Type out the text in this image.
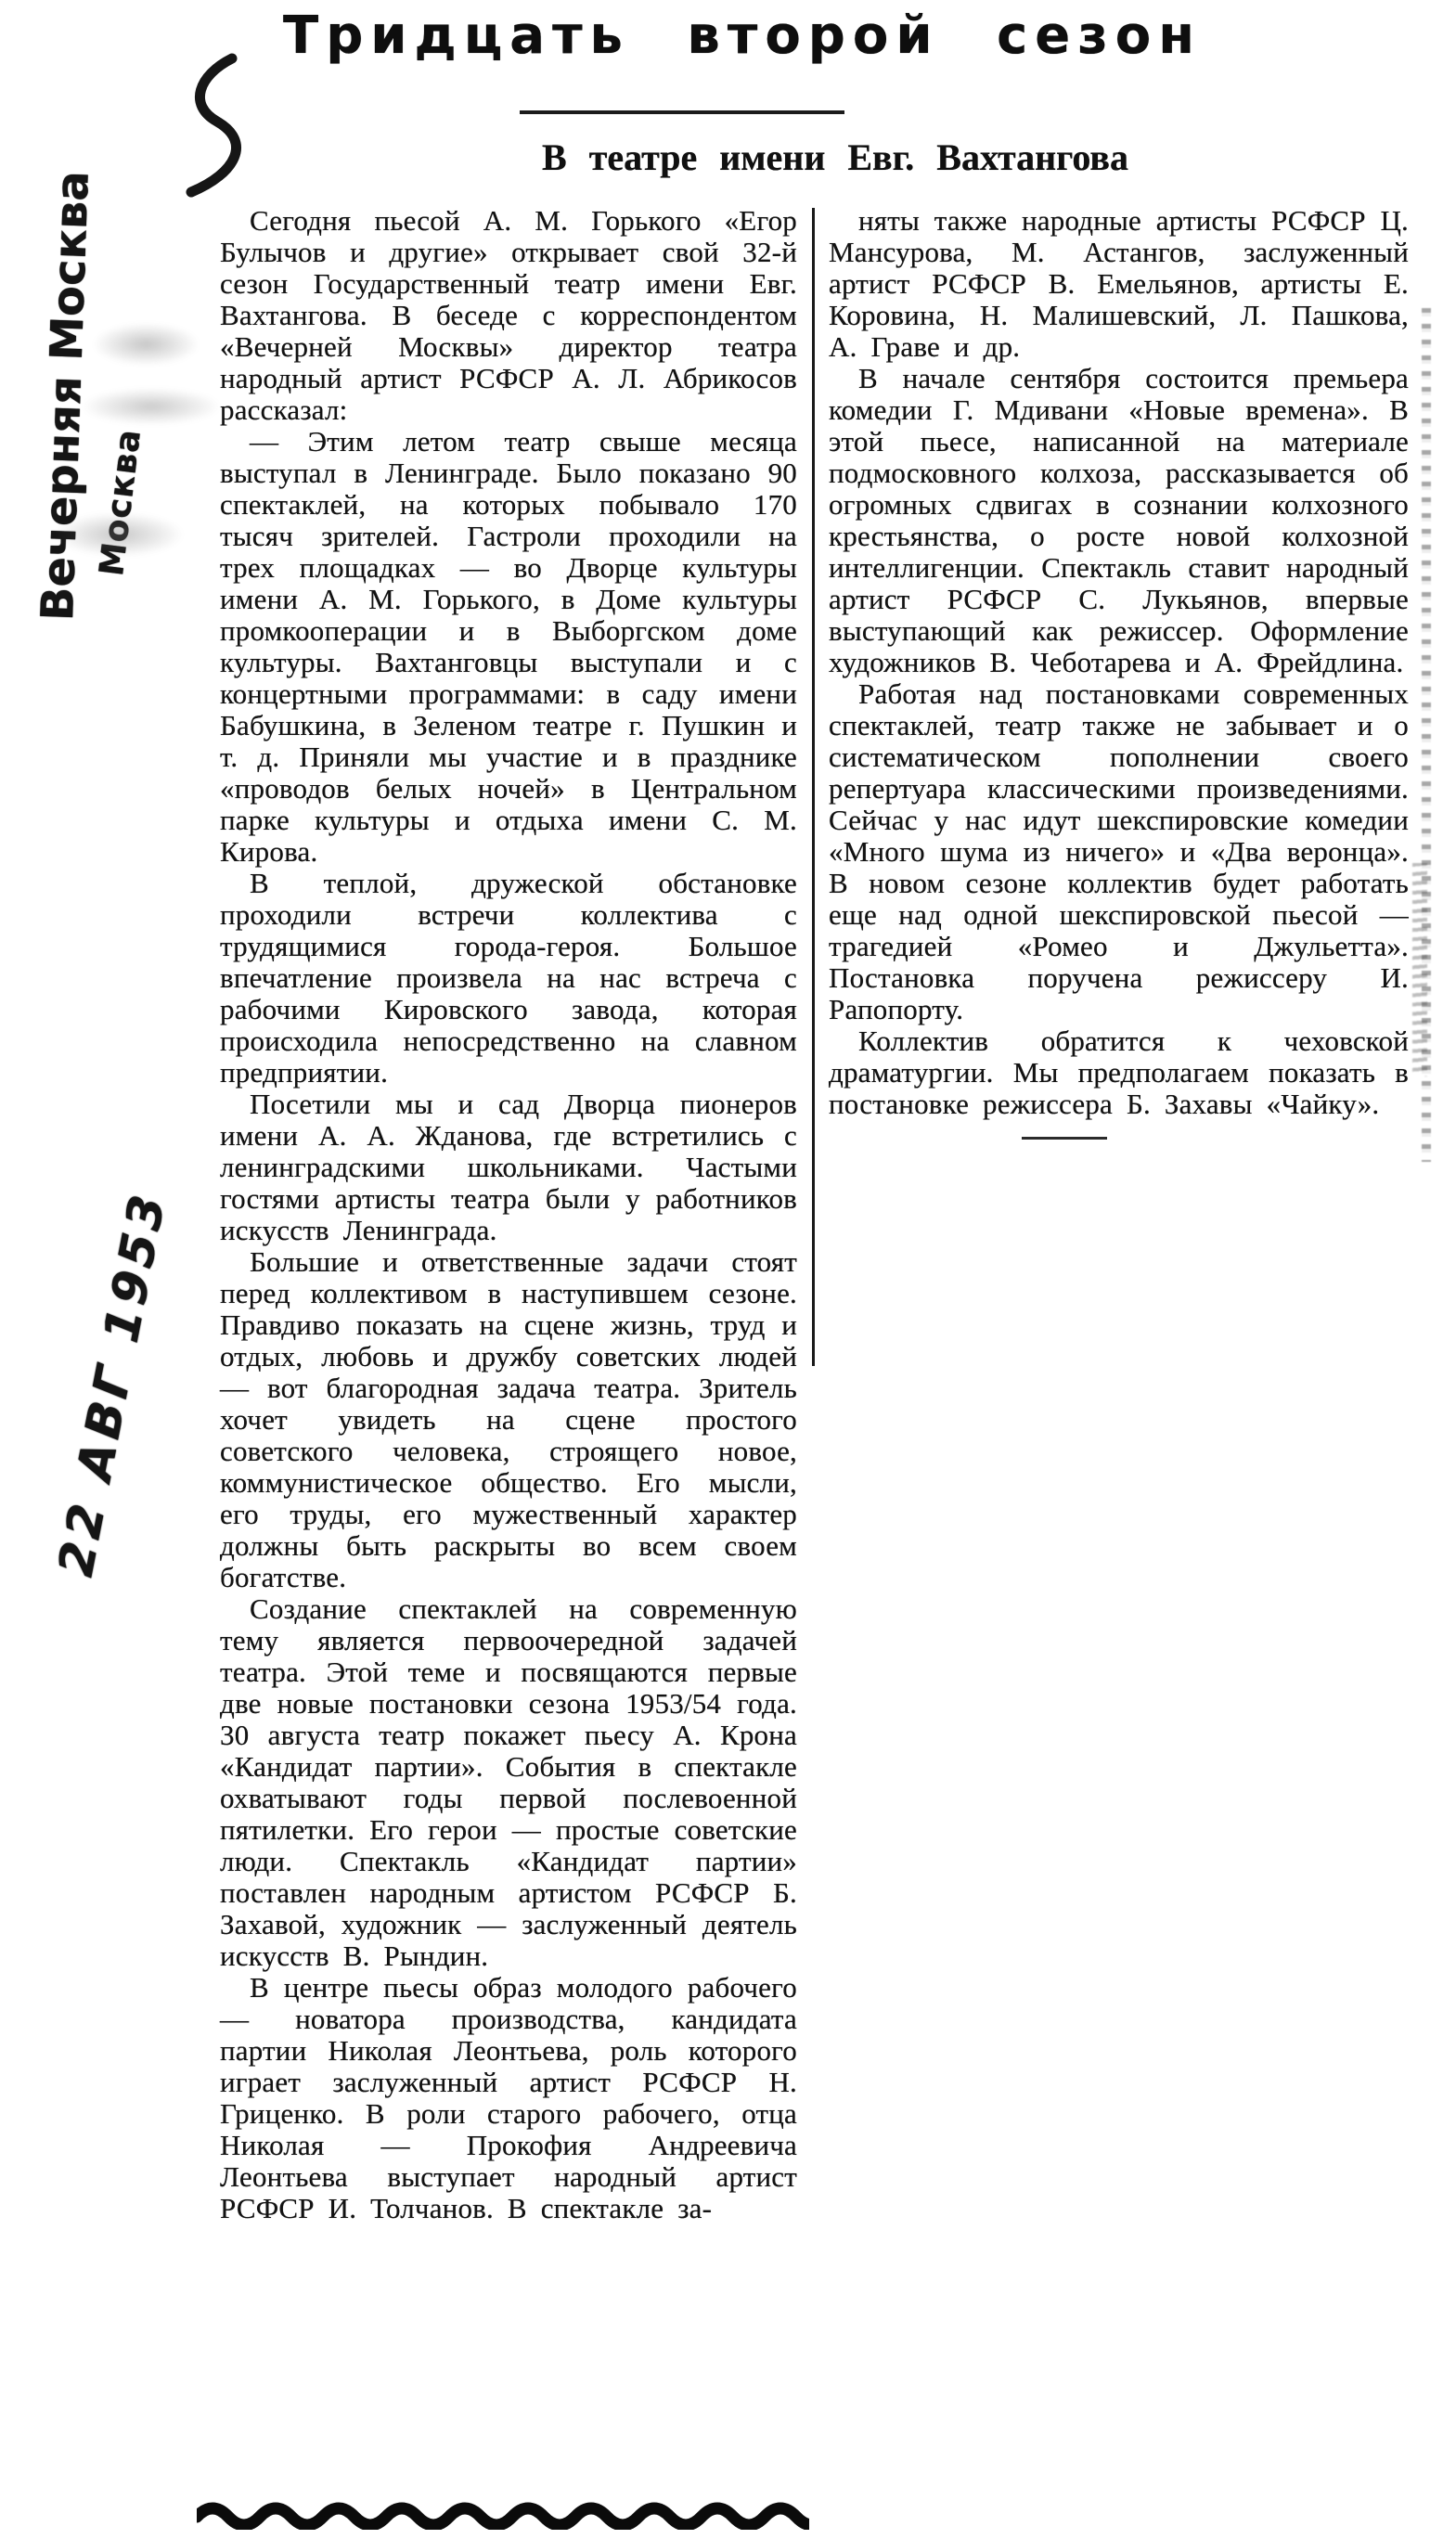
Тридцать второй сезон
В театре имени Евг. Вахтангова
Вечерняя Москва
Москва
22 АВГ 1953

Сегодня пьесой А. М. Горького «Егор Булычов и другие» открывает свой 32-й сезон Государственный театр имени Евг. Вахтангова. В беседе с корреспондентом «Вечерней Москвы» директор театра народный артист РСФСР А. Л. Абрикосов рассказал:

— Этим летом театр свыше месяца выступал в Ленинграде. Было показано 90 спектаклей, на которых побывало 170 тысяч зрителей. Гастроли проходили на трех площадках — во Дворце культуры имени А. М. Горького, в Доме культуры промкооперации и в Выборгском доме культуры. Вахтанговцы выступали и с концертными программами: в саду имени Бабушкина, в Зеленом театре г. Пушкин и т. д. Приняли мы участие и в празднике «проводов белых ночей» в Центральном парке культуры и отдыха имени С. М. Кирова.

В теплой, дружеской обстановке проходили встречи коллектива с трудящимися города-героя. Большое впечатление произвела на нас встреча с рабочими Кировского завода, которая происходила непосредственно на славном предприятии.

Посетили мы и сад Дворца пионеров имени А. А. Жданова, где встретились с ленинградскими школьниками. Частыми гостями артисты театра были у работников искусств Ленинграда.

Большие и ответственные задачи стоят перед коллективом в наступившем сезоне. Правдиво показать на сцене жизнь, труд и отдых, любовь и дружбу советских людей — вот благородная задача театра. Зритель хочет увидеть на сцене простого советского человека, строящего новое, коммунистическое общество. Его мысли, его труды, его мужественный характер должны быть раскрыты во всем своем богатстве.

Создание спектаклей на современную тему является первоочередной задачей театра. Этой теме и посвящаются первые две новые постановки сезона 1953/54 года. 30 августа театр покажет пьесу А. Крона «Кандидат партии». События в спектакле охватывают годы первой послевоенной пятилетки. Его герои — простые советские люди. Спектакль «Кандидат партии» поставлен народным артистом РСФСР Б. Захавой, художник — заслуженный деятель искусств В. Рындин.

В центре пьесы образ молодого рабочего — новатора производства, кандидата партии Николая Леонтьева, роль которого играет заслуженный артист РСФСР Н. Гриценко. В роли старого рабочего, отца Николая — Прокофия Андреевича Леонтьева выступает народный артист РСФСР И. Толчанов. В спектакле за-

няты также народные артисты РСФСР Ц. Мансурова, М. Астангов, заслуженный артист РСФСР В. Емельянов, артисты Е. Коровина, Н. Малишевский, Л. Пашкова, А. Граве и др.

В начале сентября состоится премьера комедии Г. Мдивани «Новые времена». В этой пьесе, написанной на материале подмосковного колхоза, рассказывается об огромных сдвигах в сознании колхозного крестьянства, о росте новой колхозной интеллигенции. Спектакль ставит народный артист РСФСР С. Лукьянов, впервые выступающий как режиссер. Оформление художников В. Чеботарева и А. Фрейдлина.

Работая над постановками современных спектаклей, театр также не забывает и о систематическом пополнении своего репертуара классическими произведениями. Сейчас у нас идут шекспировские комедии «Много шума из ничего» и «Два веронца». В новом сезоне коллектив будет работать еще над одной шекспировской пьесой — трагедией «Ромео и Джульетта». Постановка поручена режиссеру И. Рапопорту.

Коллектив обратится к чеховской драматургии. Мы предполагаем показать в постановке режиссера Б. Захавы «Чайку».
